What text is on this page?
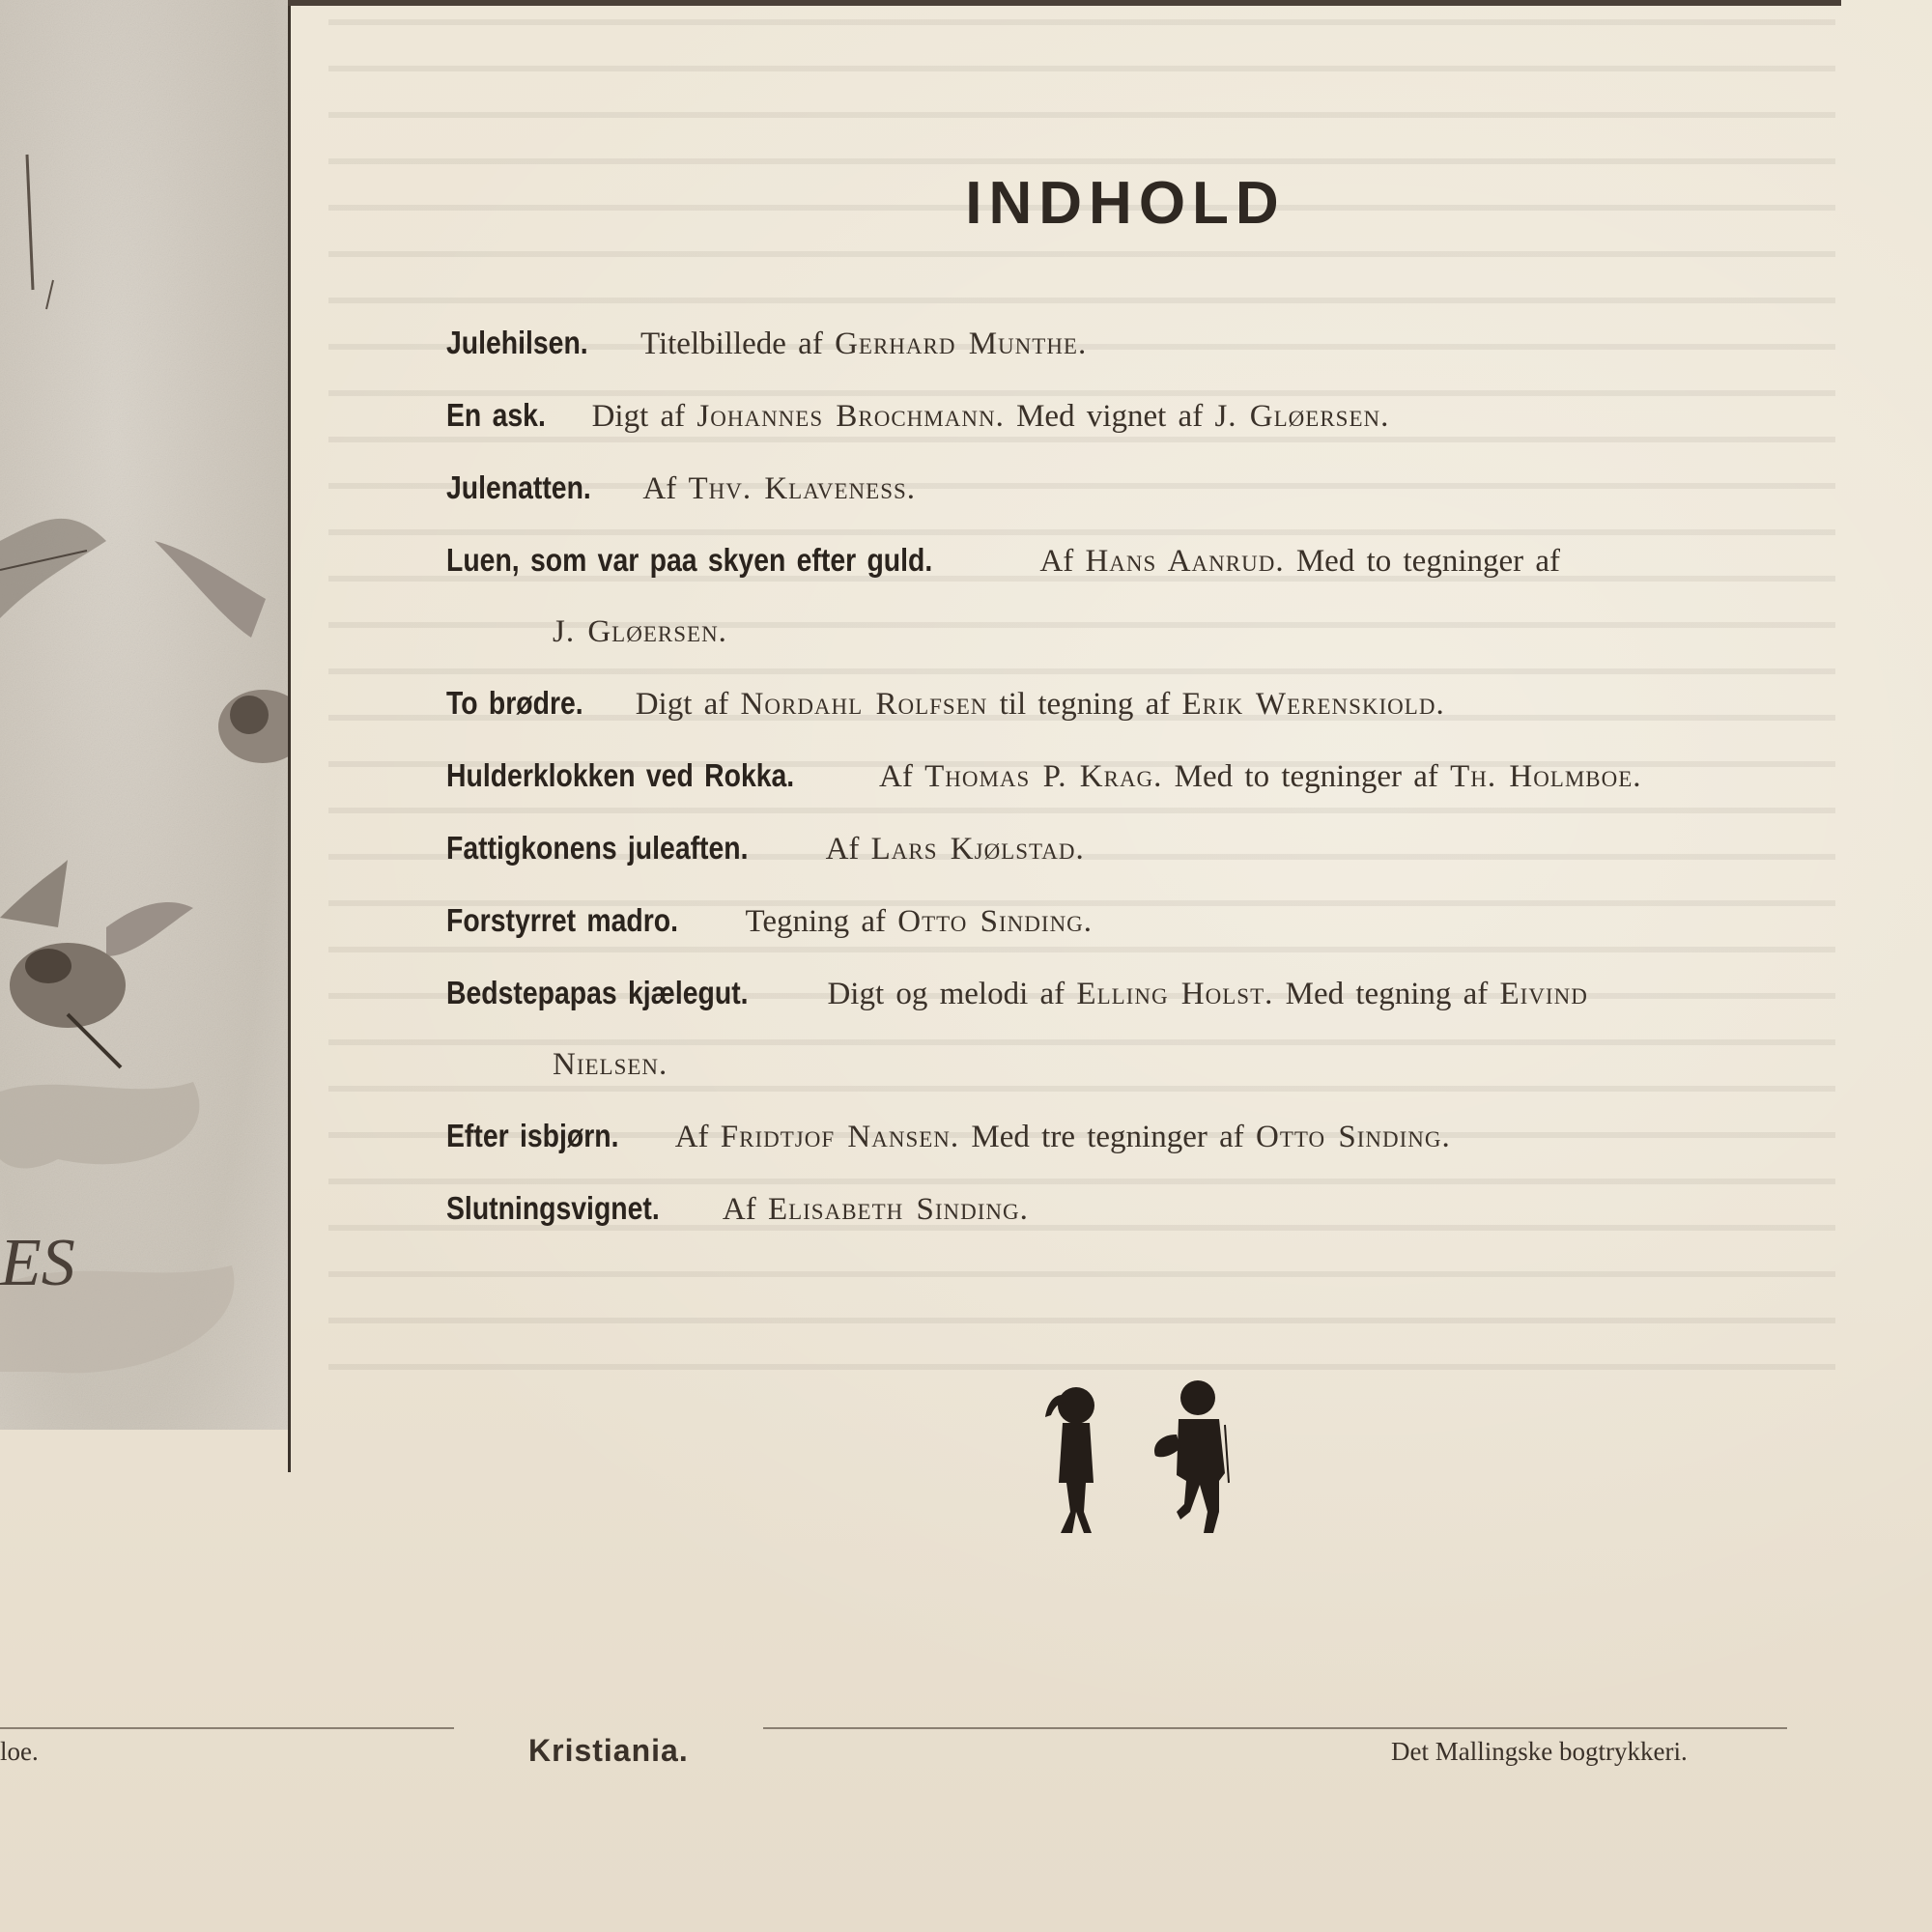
ES
INDHOLD
Julehilsen. Titelbillede af Gerhard Munthe.
En ask. Digt af Johannes Brochmann. Med vignet af J. Gløersen.
Julenatten. Af Thv. Klaveness.
Luen, som var paa skyen efter guld.	Af Hans Aanrud. Med to tegninger af
J. Gløersen.
To brødre. Digt af Nordahl Rolfsen til tegning af Erik Werenskiold.
Hulderklokken ved Rokka.	Af Thomas P. Krag. Med to tegninger af Th. Holmboe.
Fattigkonens juleaften. Af Lars Kjølstad.
Forstyrret madro. Tegning af Otto Sinding.
Bedstepapas kjælegut. Digt og melodi af Elling Holst. Med tegning af Eivind
Nielsen.
Efter isbjørn. Af Fridtjof Nansen. Med tre tegninger af Otto Sinding.
Slutningsvignet. Af Elisabeth Sinding.
loe.	Kristiania.	Det Mallingske bogtrykkeri.
